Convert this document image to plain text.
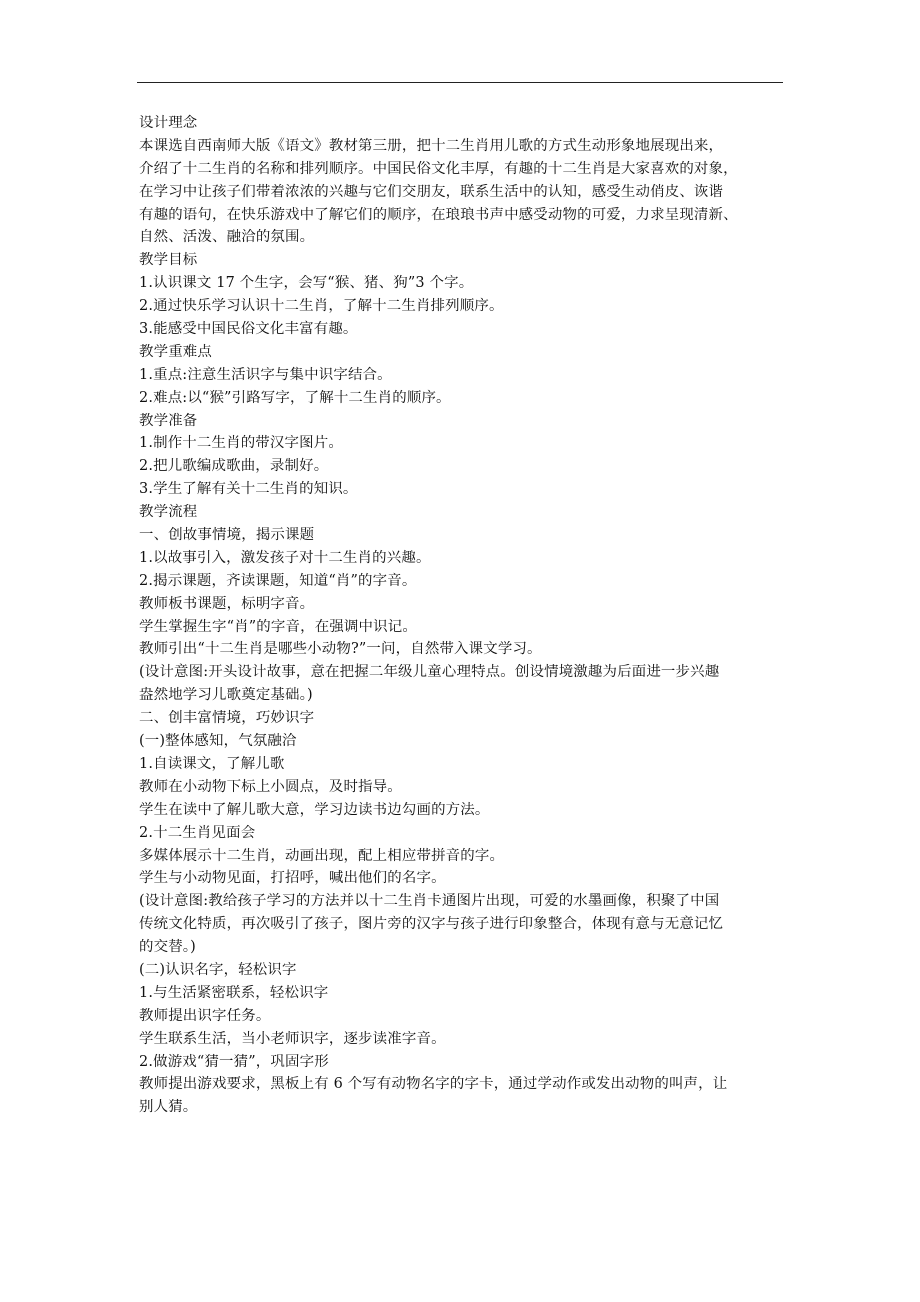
设计理念
本课选自西南师大版《语文》教材第三册，把十二生肖用儿歌的方式生动形象地展现出来，
介绍了十二生肖的名称和排列顺序。中国民俗文化丰厚，有趣的十二生肖是大家喜欢的对象，
在学习中让孩子们带着浓浓的兴趣与它们交朋友，联系生活中的认知，感受生动俏皮、诙谐
有趣的语句，在快乐游戏中了解它们的顺序，在琅琅书声中感受动物的可爱，力求呈现清新、
自然、活泼、融洽的氛围。
教学目标
1.认识课文 17 个生字，会写“猴、猪、狗”3 个字。
2.通过快乐学习认识十二生肖，了解十二生肖排列顺序。
3.能感受中国民俗文化丰富有趣。
教学重难点
1.重点:注意生活识字与集中识字结合。
2.难点:以“猴”引路写字，了解十二生肖的顺序。
教学准备
1.制作十二生肖的带汉字图片。
2.把儿歌编成歌曲，录制好。
3.学生了解有关十二生肖的知识。
教学流程
一、创故事情境，揭示课题
1.以故事引入，激发孩子对十二生肖的兴趣。
2.揭示课题，齐读课题，知道“肖”的字音。
教师板书课题，标明字音。
学生掌握生字“肖”的字音，在强调中识记。
教师引出“十二生肖是哪些小动物?”一问，自然带入课文学习。
(设计意图:开头设计故事，意在把握二年级儿童心理特点。创设情境激趣为后面进一步兴趣
盎然地学习儿歌奠定基础。)
二、创丰富情境，巧妙识字
(一)整体感知，气氛融洽
1.自读课文，了解儿歌
教师在小动物下标上小圆点，及时指导。
学生在读中了解儿歌大意，学习边读书边勾画的方法。
2.十二生肖见面会
多媒体展示十二生肖，动画出现，配上相应带拼音的字。
学生与小动物见面，打招呼，喊出他们的名字。
(设计意图:教给孩子学习的方法并以十二生肖卡通图片出现，可爱的水墨画像，积聚了中国
传统文化特质，再次吸引了孩子，图片旁的汉字与孩子进行印象整合，体现有意与无意记忆
的交替。)
(二)认识名字，轻松识字
1.与生活紧密联系，轻松识字
教师提出识字任务。
学生联系生活，当小老师识字，逐步读准字音。
2.做游戏“猜一猜”，巩固字形
教师提出游戏要求，黑板上有 6 个写有动物名字的字卡，通过学动作或发出动物的叫声，让
别人猜。
